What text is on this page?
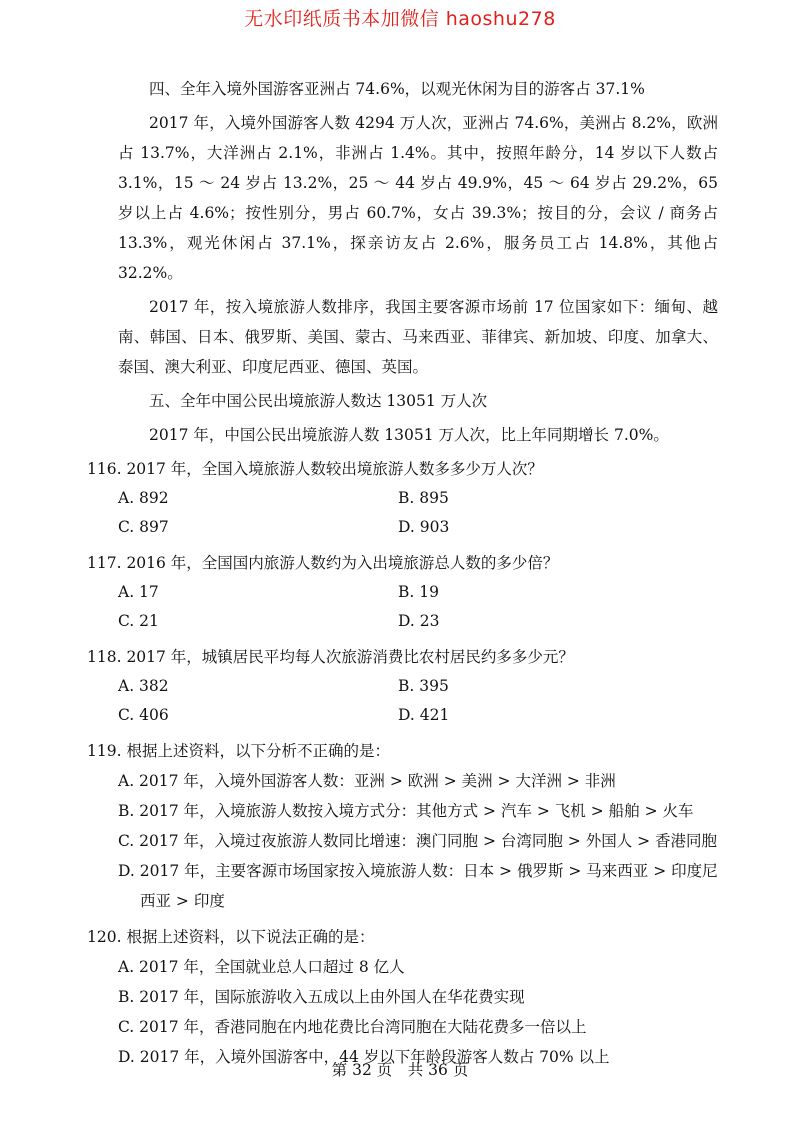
无水印纸质书本加微信 haoshu278

四、全年入境外国游客亚洲占 74.6%，以观光休闲为目的游客占 37.1%

2017 年，入境外国游客人数 4294 万人次，亚洲占 74.6%，美洲占 8.2%，欧洲占 13.7%，大洋洲占 2.1%，非洲占 1.4%。其中，按照年龄分，14 岁以下人数占 3.1%，15 ～ 24 岁占 13.2%，25 ～ 44 岁占 49.9%，45 ～ 64 岁占 29.2%，65 岁以上占 4.6%；按性别分，男占 60.7%，女占 39.3%；按目的分，会议 / 商务占 13.3%，观光休闲占 37.1%，探亲访友占 2.6%，服务员工占 14.8%，其他占 32.2%。

2017 年，按入境旅游人数排序，我国主要客源市场前 17 位国家如下：缅甸、越南、韩国、日本、俄罗斯、美国、蒙古、马来西亚、菲律宾、新加坡、印度、加拿大、泰国、澳大利亚、印度尼西亚、德国、英国。

五、全年中国公民出境旅游人数达 13051 万人次

2017 年，中国公民出境旅游人数 13051 万人次，比上年同期增长 7.0%。

116. 2017 年，全国入境旅游人数较出境旅游人数多多少万人次？
A. 892	B. 895
C. 897	D. 903
117. 2016 年，全国国内旅游人数约为入出境旅游总人数的多少倍？
A. 17	B. 19
C. 21	D. 23
118. 2017 年，城镇居民平均每人次旅游消费比农村居民约多多少元？
A. 382	B. 395
C. 406	D. 421
119. 根据上述资料，以下分析不正确的是：
A. 2017 年，入境外国游客人数：亚洲 > 欧洲 > 美洲 > 大洋洲 > 非洲
B. 2017 年，入境旅游人数按入境方式分：其他方式 > 汽车 > 飞机 > 船舶 > 火车
C. 2017 年，入境过夜旅游人数同比增速：澳门同胞 > 台湾同胞 > 外国人 > 香港同胞
D. 2017 年，主要客源市场国家按入境旅游人数：日本 > 俄罗斯 > 马来西亚 > 印度尼西亚 > 印度
120. 根据上述资料，以下说法正确的是：
A. 2017 年，全国就业总人口超过 8 亿人
B. 2017 年，国际旅游收入五成以上由外国人在华花费实现
C. 2017 年，香港同胞在内地花费比台湾同胞在大陆花费多一倍以上
D. 2017 年，入境外国游客中，44 岁以下年龄段游客人数占 70% 以上
第 32 页　共 36 页
